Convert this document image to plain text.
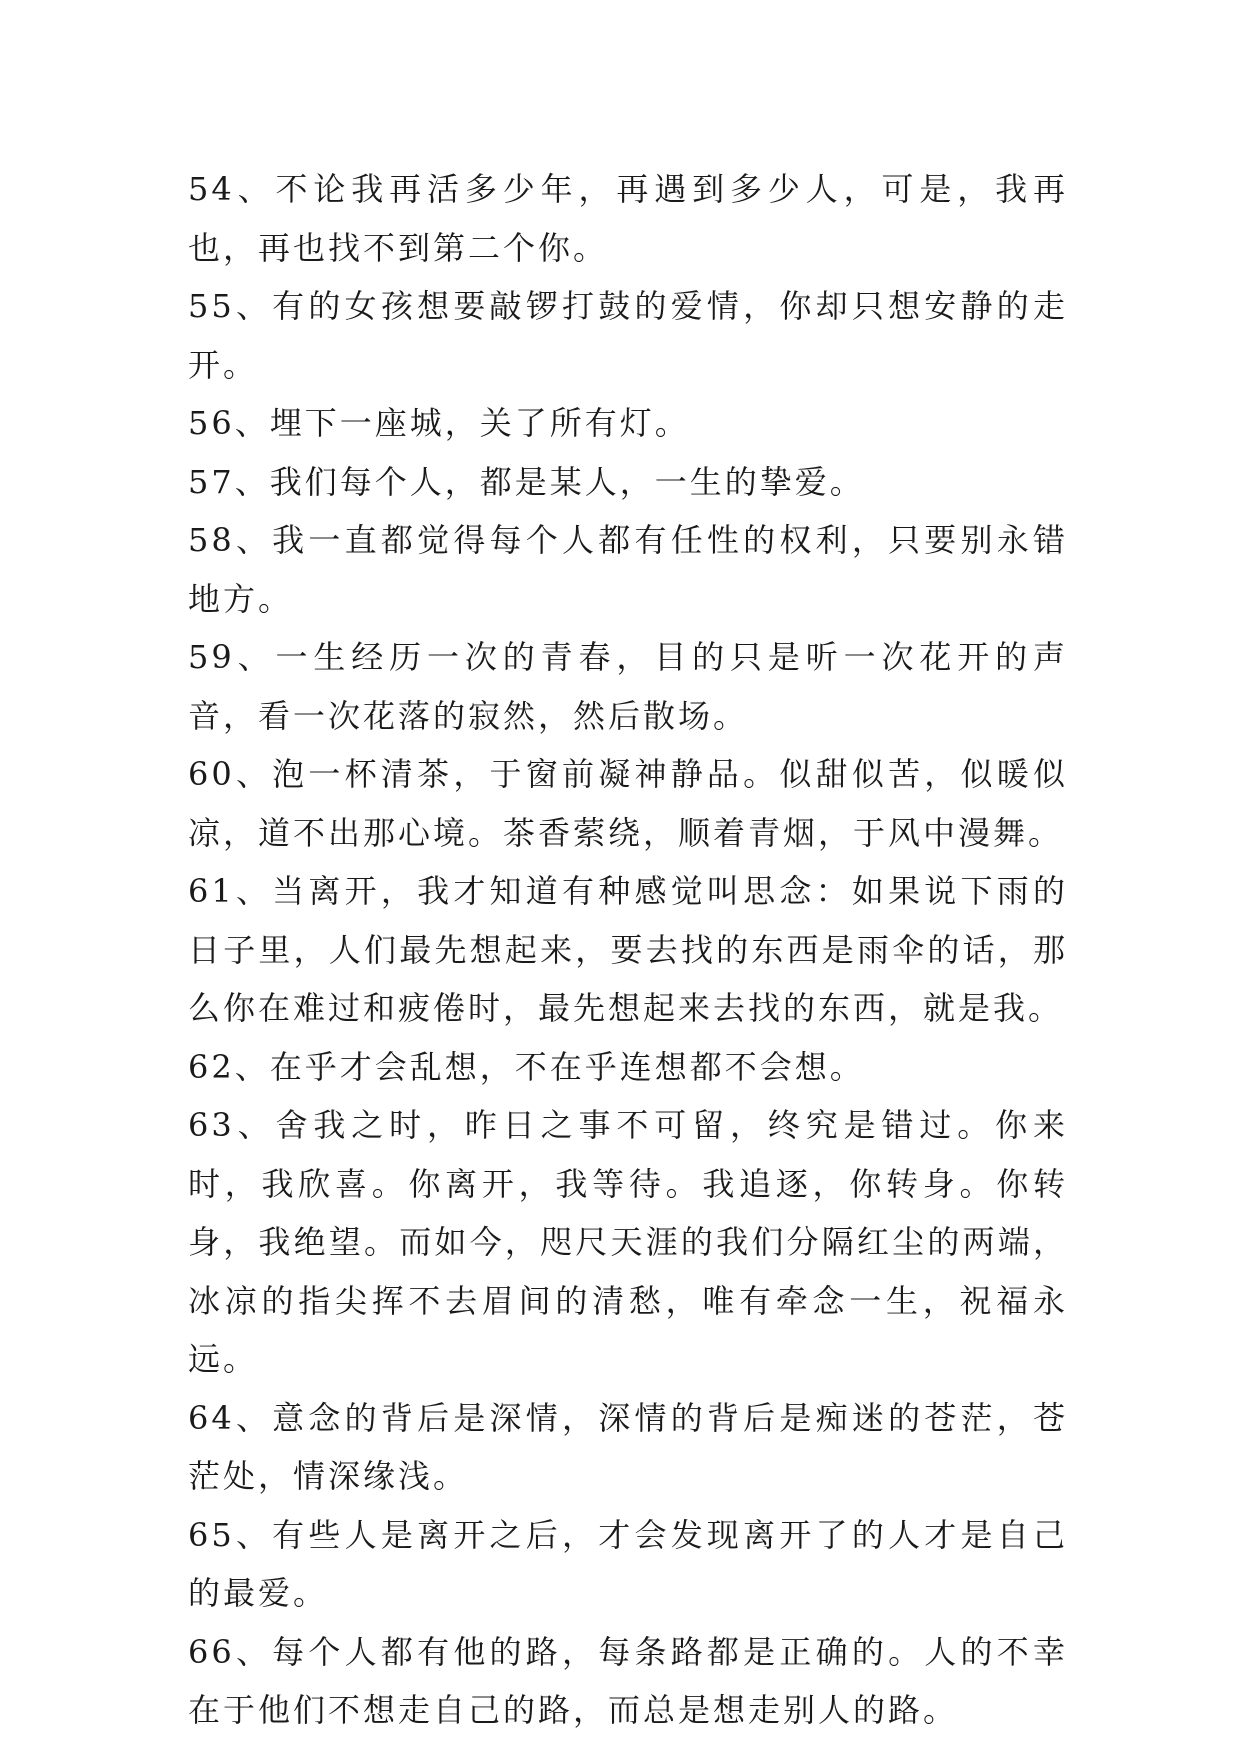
54、不论我再活多少年，再遇到多少人，可是，我再也，再也找不到第二个你。

55、有的女孩想要敲锣打鼓的爱情，你却只想安静的走开。

56、埋下一座城，关了所有灯。

57、我们每个人，都是某人，一生的挚爱。

58、我一直都觉得每个人都有任性的权利，只要别永错地方。

59、一生经历一次的青春，目的只是听一次花开的声音，看一次花落的寂然，然后散场。

60、泡一杯清茶，于窗前凝神静品。似甜似苦，似暖似凉，道不出那心境。茶香萦绕，顺着青烟，于风中漫舞。

61、当离开，我才知道有种感觉叫思念：如果说下雨的日子里，人们最先想起来，要去找的东西是雨伞的话，那么你在难过和疲倦时，最先想起来去找的东西，就是我。

62、在乎才会乱想，不在乎连想都不会想。

63、舍我之时，昨日之事不可留，终究是错过。你来时，我欣喜。你离开，我等待。我追逐，你转身。你转身，我绝望。而如今，咫尺天涯的我们分隔红尘的两端，冰凉的指尖挥不去眉间的清愁，唯有牵念一生，祝福永远。

64、意念的背后是深情，深情的背后是痴迷的苍茫，苍茫处，情深缘浅。

65、有些人是离开之后，才会发现离开了的人才是自己的最爱。

66、每个人都有他的路，每条路都是正确的。人的不幸在于他们不想走自己的路，而总是想走别人的路。
